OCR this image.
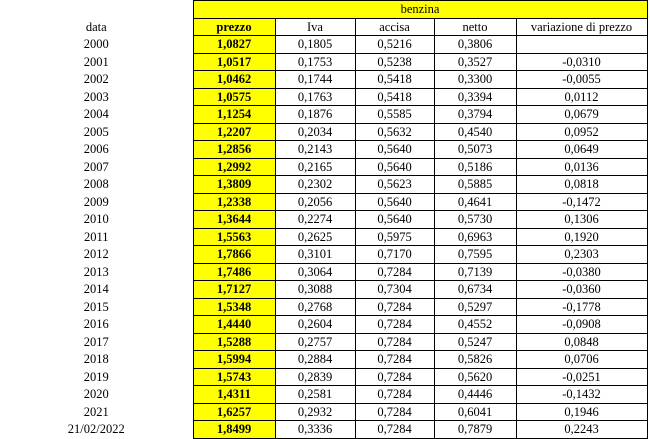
	benzina				
data	prezzo	Iva	accisa	netto	variazione di prezzo
2000	1,0827	0,1805	0,5216	0,3806	
2001	1,0517	0,1753	0,5238	0,3527	-0,0310
2002	1,0462	0,1744	0,5418	0,3300	-0,0055
2003	1,0575	0,1763	0,5418	0,3394	0,0112
2004	1,1254	0,1876	0,5585	0,3794	0,0679
2005	1,2207	0,2034	0,5632	0,4540	0,0952
2006	1,2856	0,2143	0,5640	0,5073	0,0649
2007	1,2992	0,2165	0,5640	0,5186	0,0136
2008	1,3809	0,2302	0,5623	0,5885	0,0818
2009	1,2338	0,2056	0,5640	0,4641	-0,1472
2010	1,3644	0,2274	0,5640	0,5730	0,1306
2011	1,5563	0,2625	0,5975	0,6963	0,1920
2012	1,7866	0,3101	0,7170	0,7595	0,2303
2013	1,7486	0,3064	0,7284	0,7139	-0,0380
2014	1,7127	0,3088	0,7304	0,6734	-0,0360
2015	1,5348	0,2768	0,7284	0,5297	-0,1778
2016	1,4440	0,2604	0,7284	0,4552	-0,0908
2017	1,5288	0,2757	0,7284	0,5247	0,0848
2018	1,5994	0,2884	0,7284	0,5826	0,0706
2019	1,5743	0,2839	0,7284	0,5620	-0,0251
2020	1,4311	0,2581	0,7284	0,4446	-0,1432
2021	1,6257	0,2932	0,7284	0,6041	0,1946
21/02/2022	1,8499	0,3336	0,7284	0,7879	0,2243
